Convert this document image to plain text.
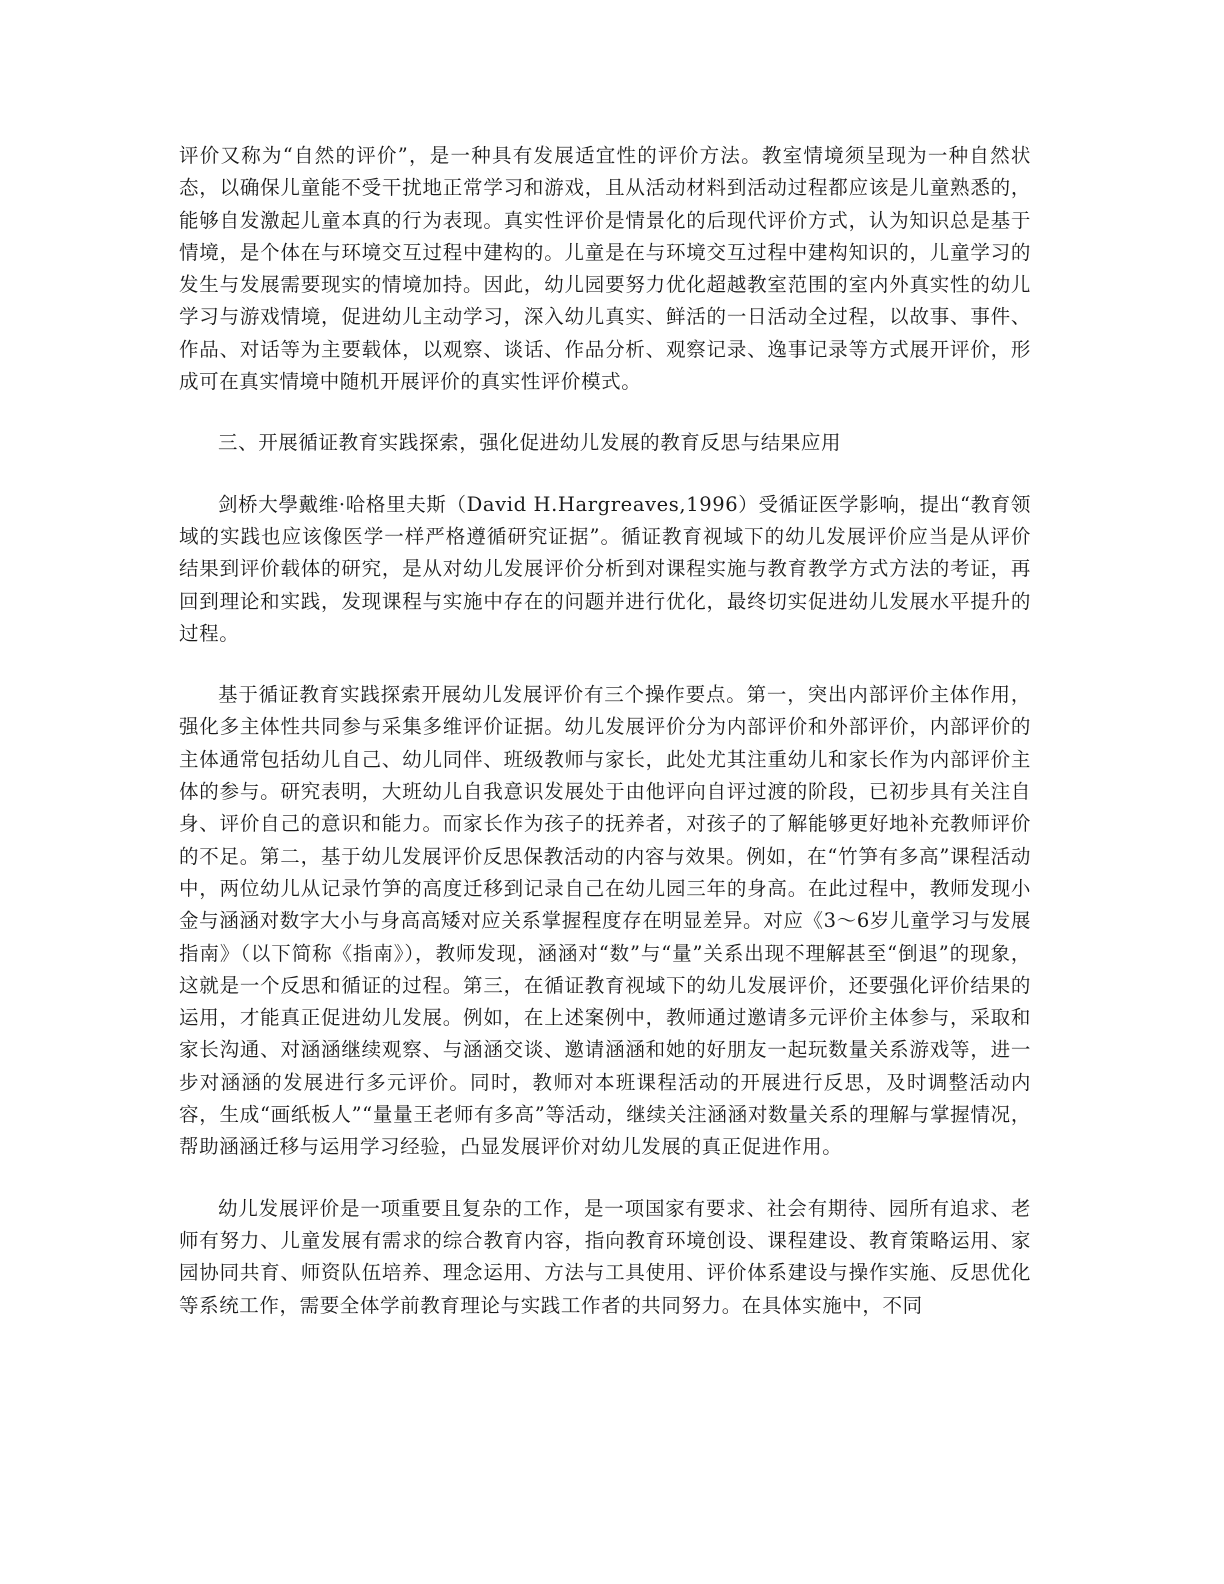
评价又称为“自然的评价”，是一种具有发展适宜性的评价方法。教室情境须呈现为一种自然状态，以确保儿童能不受干扰地正常学习和游戏，且从活动材料到活动过程都应该是儿童熟悉的，能够自发激起儿童本真的行为表现。真实性评价是情景化的后现代评价方式，认为知识总是基于情境，是个体在与环境交互过程中建构的。儿童是在与环境交互过程中建构知识的，儿童学习的发生与发展需要现实的情境加持。因此，幼儿园要努力优化超越教室范围的室内外真实性的幼儿学习与游戏情境，促进幼儿主动学习，深入幼儿真实、鲜活的一日活动全过程，以故事、事件、作品、对话等为主要载体，以观察、谈话、作品分析、观察记录、逸事记录等方式展开评价，形成可在真实情境中随机开展评价的真实性评价模式。

三、开展循证教育实践探索，强化促进幼儿发展的教育反思与结果应用

剑桥大學戴维·哈格里夫斯（David H.Hargreaves,1996）受循证医学影响，提出“教育领域的实践也应该像医学一样严格遵循研究证据”。循证教育视域下的幼儿发展评价应当是从评价结果到评价载体的研究，是从对幼儿发展评价分析到对课程实施与教育教学方式方法的考证，再回到理论和实践，发现课程与实施中存在的问题并进行优化，最终切实促进幼儿发展水平提升的过程。

基于循证教育实践探索开展幼儿发展评价有三个操作要点。第一，突出内部评价主体作用，强化多主体性共同参与采集多维评价证据。幼儿发展评价分为内部评价和外部评价，内部评价的主体通常包括幼儿自己、幼儿同伴、班级教师与家长，此处尤其注重幼儿和家长作为内部评价主体的参与。研究表明，大班幼儿自我意识发展处于由他评向自评过渡的阶段，已初步具有关注自身、评价自己的意识和能力。而家长作为孩子的抚养者，对孩子的了解能够更好地补充教师评价的不足。第二，基于幼儿发展评价反思保教活动的内容与效果。例如，在“竹笋有多高”课程活动中，两位幼儿从记录竹笋的高度迁移到记录自己在幼儿园三年的身高。在此过程中，教师发现小金与涵涵对数字大小与身高高矮对应关系掌握程度存在明显差异。对应《3～6岁儿童学习与发展指南》（以下简称《指南》），教师发现，涵涵对“数”与“量”关系出现不理解甚至“倒退”的现象，这就是一个反思和循证的过程。第三，在循证教育视域下的幼儿发展评价，还要强化评价结果的运用，才能真正促进幼儿发展。例如，在上述案例中，教师通过邀请多元评价主体参与，采取和家长沟通、对涵涵继续观察、与涵涵交谈、邀请涵涵和她的好朋友一起玩数量关系游戏等，进一步对涵涵的发展进行多元评价。同时，教师对本班课程活动的开展进行反思，及时调整活动内容，生成“画纸板人”“量量王老师有多高”等活动，继续关注涵涵对数量关系的理解与掌握情况，帮助涵涵迁移与运用学习经验，凸显发展评价对幼儿发展的真正促进作用。

幼儿发展评价是一项重要且复杂的工作，是一项国家有要求、社会有期待、园所有追求、老师有努力、儿童发展有需求的综合教育内容，指向教育环境创设、课程建设、教育策略运用、家园协同共育、师资队伍培养、理念运用、方法与工具使用、评价体系建设与操作实施、反思优化等系统工作，需要全体学前教育理论与实践工作者的共同努力。在具体实施中，不同
